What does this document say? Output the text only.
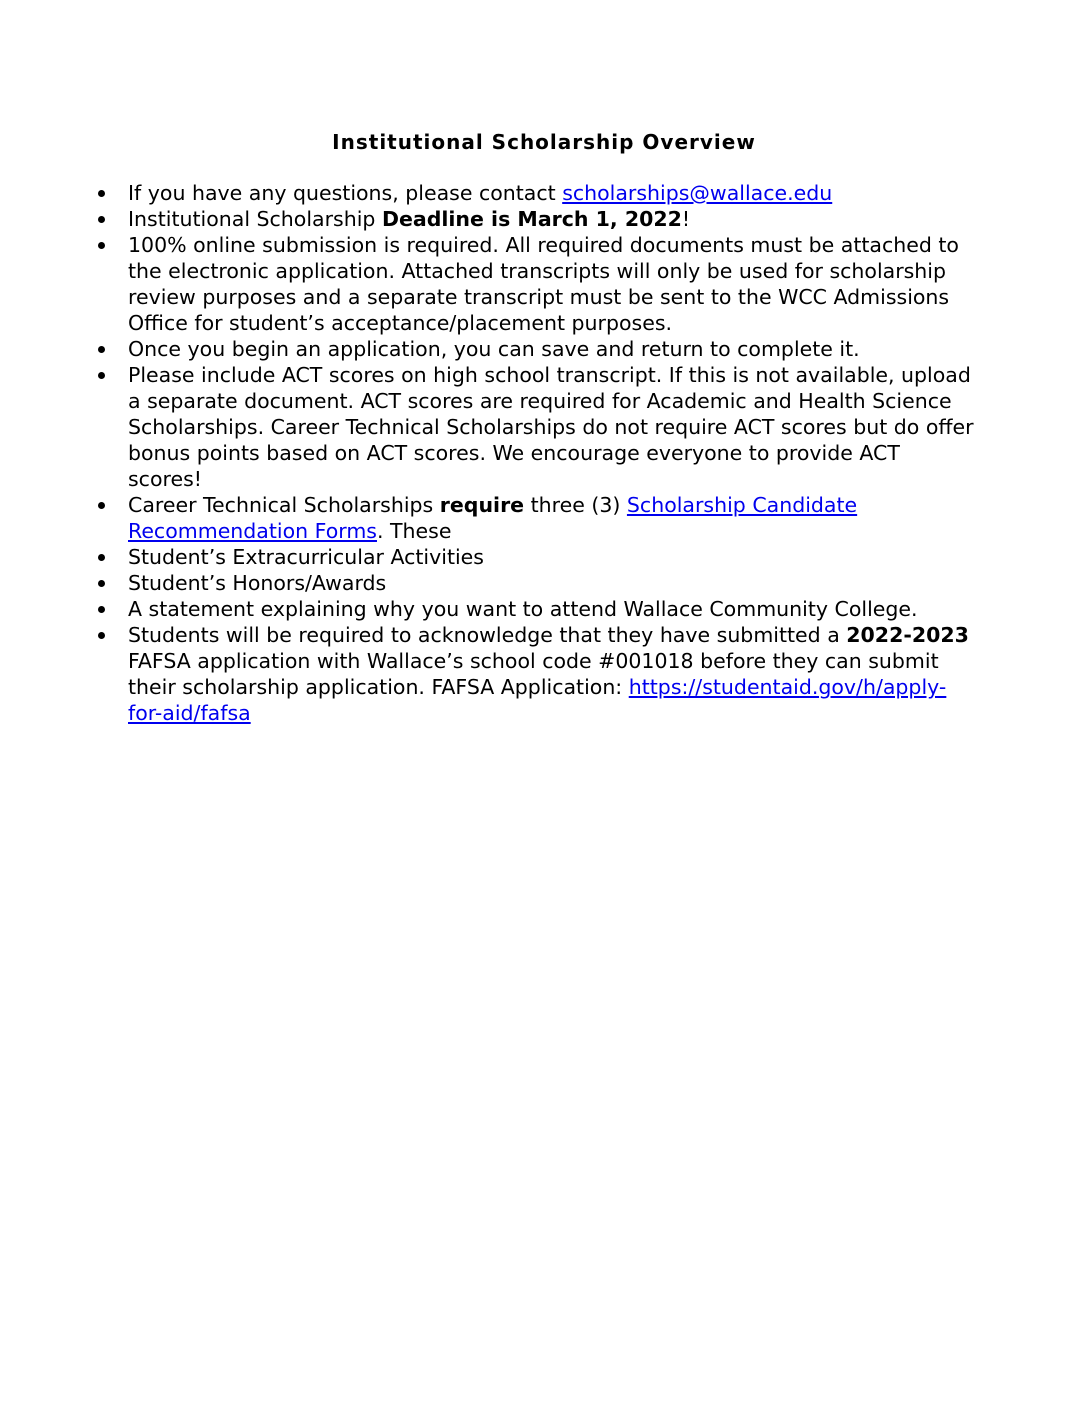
Institutional Scholarship Overview
If you have any questions, please contact scholarships@wallace.edu
Institutional Scholarship Deadline is March 1, 2022!
100% online submission is required. All required documents must be attached to the electronic application. Attached transcripts will only be used for scholarship review purposes and a separate transcript must be sent to the WCC Admissions Office for student’s acceptance/placement purposes.
Once you begin an application, you can save and return to complete it.
Please include ACT scores on high school transcript. If this is not available, upload a separate document. ACT scores are required for Academic and Health Science Scholarships. Career Technical Scholarships do not require ACT scores but do offer bonus points based on ACT scores. We encourage everyone to provide ACT scores!
Career Technical Scholarships require three (3) Scholarship Candidate Recommendation Forms. These
Student’s Extracurricular Activities
Student’s Honors/Awards
A statement explaining why you want to attend Wallace Community College.
Students will be required to acknowledge that they have submitted a 2022-2023 FAFSA application with Wallace’s school code #001018 before they can submit their scholarship application. FAFSA Application: https://studentaid.gov/h/apply-for-aid/fafsa
